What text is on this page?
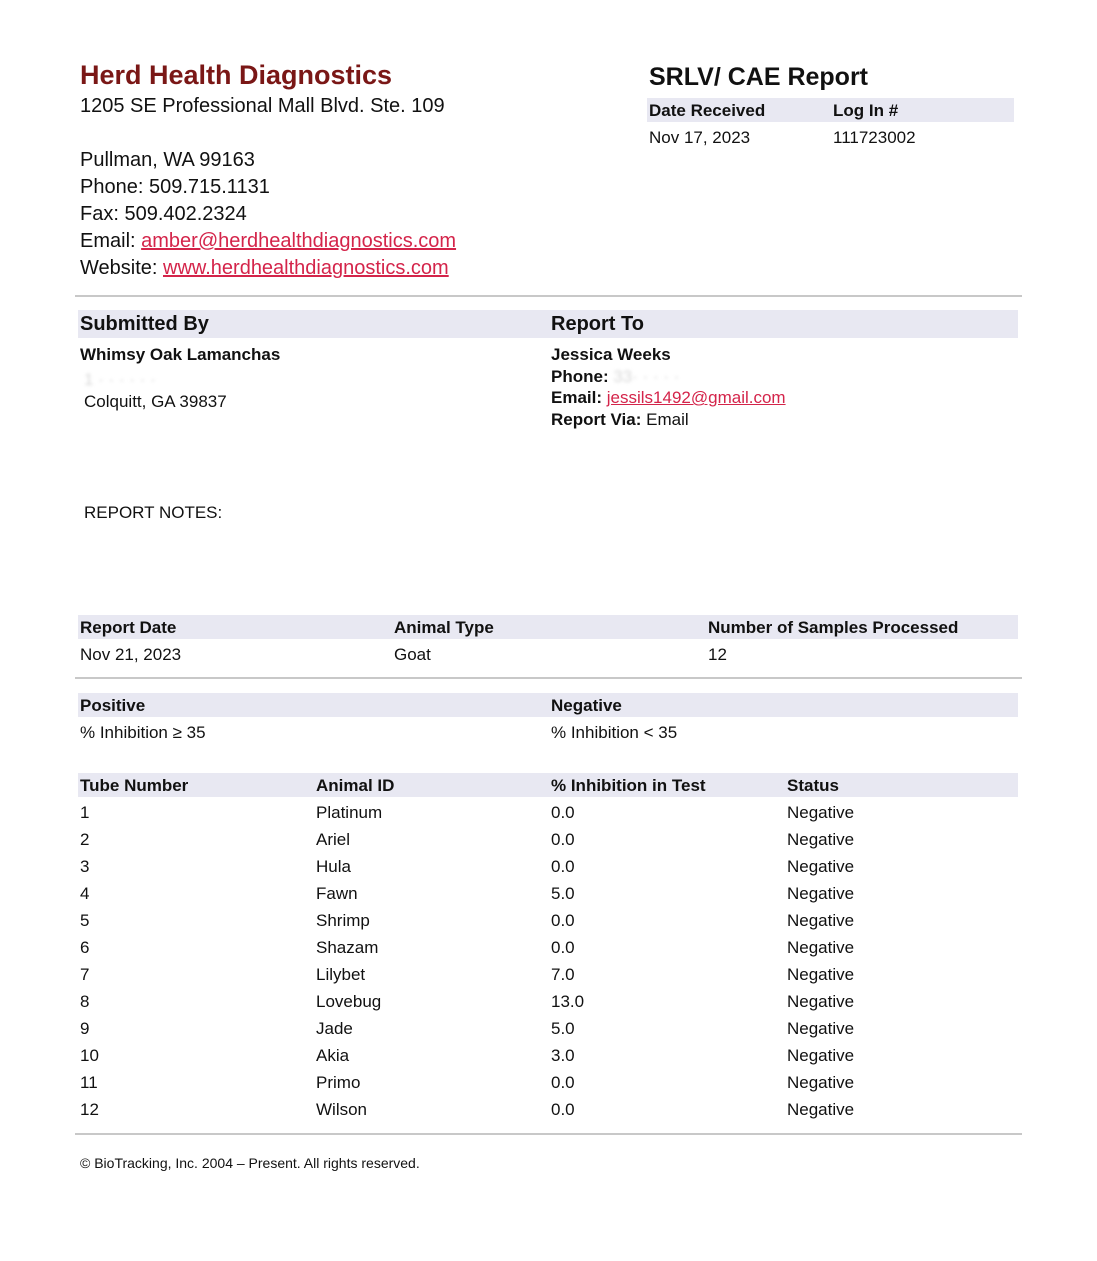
Herd Health Diagnostics
1205 SE Professional Mall Blvd. Ste. 109
Pullman, WA 99163
Phone: 509.715.1131
Fax: 509.402.2324
Email: amber@herdhealthdiagnostics.com
Website: www.herdhealthdiagnostics.com
SRLV/ CAE Report
Date Received	Log In #
Nov 17, 2023	111723002
Submitted By	Report To
Whimsy Oak Lamanchas
1 · · · · · ·
Colquitt, GA 39837
Jessica Weeks
Phone: 33· · · · ·
Email: jessils1492@gmail.com
Report Via: Email
REPORT NOTES:
Report Date	Animal Type	Number of Samples Processed
Nov 21, 2023	Goat	12
Positive	Negative
% Inhibition ≥ 35	% Inhibition < 35
Tube Number	Animal ID	% Inhibition in Test	Status
1	Platinum	0.0	Negative
2	Ariel	0.0	Negative
3	Hula	0.0	Negative
4	Fawn	5.0	Negative
5	Shrimp	0.0	Negative
6	Shazam	0.0	Negative
7	Lilybet	7.0	Negative
8	Lovebug	13.0	Negative
9	Jade	5.0	Negative
10	Akia	3.0	Negative
11	Primo	0.0	Negative
12	Wilson	0.0	Negative
© BioTracking, Inc. 2004 – Present. All rights reserved.
